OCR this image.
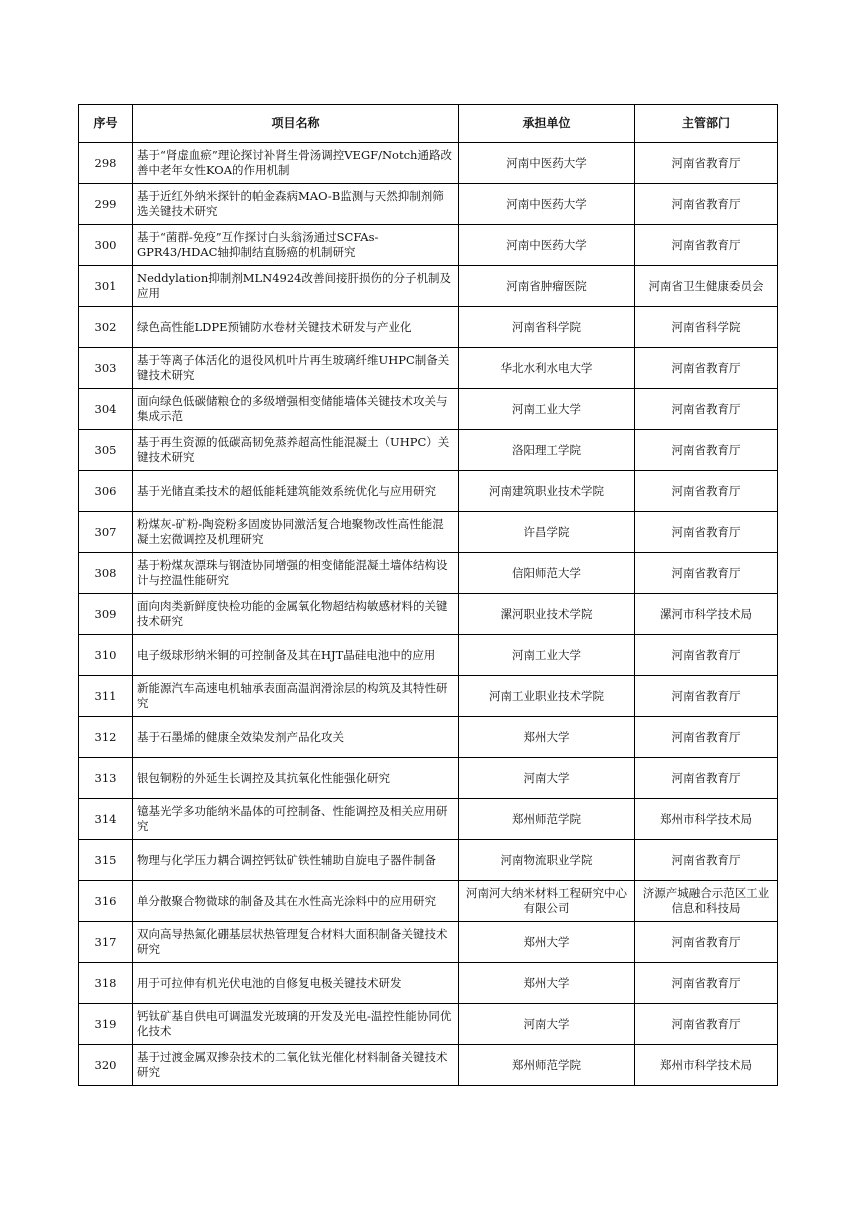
序号	项目名称	承担单位	主管部门
298	基于“肾虚血瘀”理论探讨补肾生骨汤调控VEGF/Notch通路改善中老年女性KOA的作用机制	河南中医药大学	河南省教育厅
299	基于近红外纳米探针的帕金森病MAO-B监测与天然抑制剂筛选关键技术研究	河南中医药大学	河南省教育厅
300	基于“菌群-免疫”互作探讨白头翁汤通过SCFAs-GPR43/HDAC轴抑制结直肠癌的机制研究	河南中医药大学	河南省教育厅
301	Neddylation抑制剂MLN4924改善间接肝损伤的分子机制及应用	河南省肿瘤医院	河南省卫生健康委员会
302	绿色高性能LDPE预铺防水卷材关键技术研发与产业化	河南省科学院	河南省科学院
303	基于等离子体活化的退役风机叶片再生玻璃纤维UHPC制备关键技术研究	华北水利水电大学	河南省教育厅
304	面向绿色低碳储粮仓的多级增强相变储能墙体关键技术攻关与集成示范	河南工业大学	河南省教育厅
305	基于再生资源的低碳高韧免蒸养超高性能混凝土（UHPC）关键技术研究	洛阳理工学院	河南省教育厅
306	基于光储直柔技术的超低能耗建筑能效系统优化与应用研究	河南建筑职业技术学院	河南省教育厅
307	粉煤灰-矿粉-陶瓷粉多固废协同激活复合地聚物改性高性能混凝土宏微调控及机理研究	许昌学院	河南省教育厅
308	基于粉煤灰漂珠与钢渣协同增强的相变储能混凝土墙体结构设计与控温性能研究	信阳师范大学	河南省教育厅
309	面向肉类新鲜度快检功能的金属氧化物超结构敏感材料的关键技术研究	漯河职业技术学院	漯河市科学技术局
310	电子级球形纳米铜的可控制备及其在HJT晶硅电池中的应用	河南工业大学	河南省教育厅
311	新能源汽车高速电机轴承表面高温润滑涂层的构筑及其特性研究	河南工业职业技术学院	河南省教育厅
312	基于石墨烯的健康全效染发剂产品化攻关	郑州大学	河南省教育厅
313	银包铜粉的外延生长调控及其抗氧化性能强化研究	河南大学	河南省教育厅
314	镱基光学多功能纳米晶体的可控制备、性能调控及相关应用研究	郑州师范学院	郑州市科学技术局
315	物理与化学压力耦合调控钙钛矿铁性辅助自旋电子器件制备	河南物流职业学院	河南省教育厅
316	单分散聚合物微球的制备及其在水性高光涂料中的应用研究	河南河大纳米材料工程研究中心有限公司	济源产城融合示范区工业信息和科技局
317	双向高导热氮化硼基层状热管理复合材料大面积制备关键技术研究	郑州大学	河南省教育厅
318	用于可拉伸有机光伏电池的自修复电极关键技术研发	郑州大学	河南省教育厅
319	钙钛矿基自供电可调温发光玻璃的开发及光电-温控性能协同优化技术	河南大学	河南省教育厅
320	基于过渡金属双掺杂技术的二氧化钛光催化材料制备关键技术研究	郑州师范学院	郑州市科学技术局
